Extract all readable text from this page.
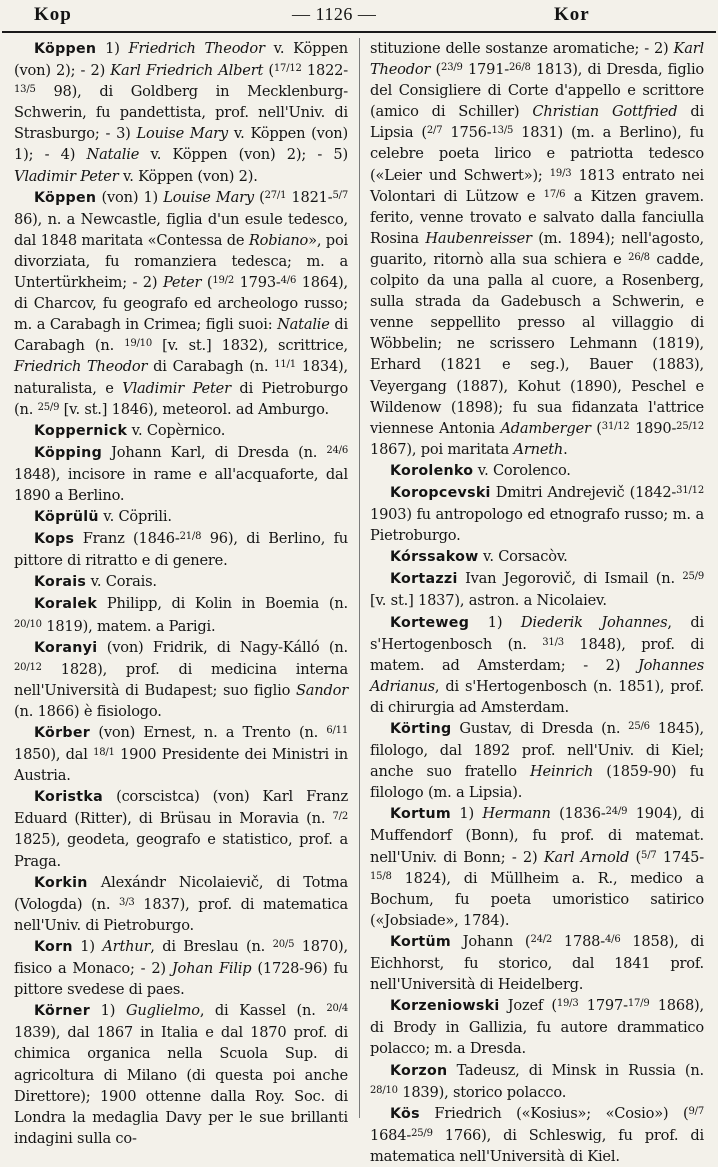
Kop	— 1126 —	Kor

Köppen 1) Friedrich Theodor v. Köppen (von) 2); - 2) Karl Friedrich Albert ($^{17/12}$ 1822-$^{13/5}$ 98), di Goldberg in Mecklenburg-Schwerin, fu pandettista, prof. nell'Univ. di Strasburgo; - 3) Louise Mary v. Köppen (von) 1); - 4) Natalie v. Köppen (von) 2); - 5) Vladimir Peter v. Köppen (von) 2).

Köppen (von) 1) Louise Mary ($^{27/1}$ 1821-$^{5/7}$ 86), n. a Newcastle, figlia d'un esule tedesco, dal 1848 maritata «Contessa de Robiano», poi divorziata, fu romanziera tedesca; m. a Untertürkheim; - 2) Peter ($^{19/2}$ 1793-$^{4/6}$ 1864), di Charcov, fu geografo ed archeologo russo; m. a Carabagh in Crimea; figli suoi: Natalie di Carabagh (n. $^{19/10}$ [v. st.] 1832), scrittrice, Friedrich Theodor di Carabagh (n. $^{11/1}$ 1834), naturalista, e Vladimir Peter di Pietroburgo (n. $^{25/9}$ [v. st.] 1846), meteorol. ad Amburgo.

Koppernick v. Copèrnico.

Köpping Johann Karl, di Dresda (n. $^{24/6}$ 1848), incisore in rame e all'acquaforte, dal 1890 a Berlino.

Köprülü v. Cöprili.

Kops Franz (1846-$^{21/8}$ 96), di Berlino, fu pittore di ritratto e di genere.

Korais v. Corais.

Koralek Philipp, di Kolin in Boemia (n. $^{20/10}$ 1819), matem. a Parigi.

Koranyi (von) Fridrik, di Nagy-Kálló (n. $^{20/12}$ 1828), prof. di medicina interna nell'Università di Budapest; suo figlio Sandor (n. 1866) è fisiologo.

Körber (von) Ernest, n. a Trento (n. $^{6/11}$ 1850), dal $^{18/1}$ 1900 Presidente dei Ministri in Austria.

Koristka (corscistca) (von) Karl Franz Eduard (Ritter), di Brüsau in Moravia (n. $^{7/2}$ 1825), geodeta, geografo e statistico, prof. a Praga.

Korkin Alexándr Nicolaievič, di Totma (Vologda) (n. $^{3/3}$ 1837), prof. di matematica nell'Univ. di Pietroburgo.

Korn 1) Arthur, di Breslau (n. $^{20/5}$ 1870), fisico a Monaco; - 2) Johan Filip (1728-96) fu pittore svedese di paes.

Körner 1) Guglielmo, di Kassel (n. $^{20/4}$ 1839), dal 1867 in Italia e dal 1870 prof. di chimica organica nella Scuola Sup. di agricoltura di Milano (di questa poi anche Direttore); 1900 ottenne dalla Roy. Soc. di Londra la medaglia Davy per le sue brillanti indagini sulla co-

stituzione delle sostanze aromatiche; - 2) Karl Theodor ($^{23/9}$ 1791-$^{26/8}$ 1813), di Dresda, figlio del Consigliere di Corte d'appello e scrittore (amico di Schiller) Christian Gottfried di Lipsia ($^{2/7}$ 1756-$^{13/5}$ 1831) (m. a Berlino), fu celebre poeta lirico e patriotta tedesco («Leier und Schwert»); $^{19/3}$ 1813 entrato nei Volontari di Lützow e $^{17/6}$ a Kitzen gravem. ferito, venne trovato e salvato dalla fanciulla Rosina Haubenreisser (m. 1894); nell'agosto, guarito, ritornò alla sua schiera e $^{26/8}$ cadde, colpito da una palla al cuore, a Rosenberg, sulla strada da Gadebusch a Schwerin, e venne seppellito presso al villaggio di Wöbbelin; ne scrissero Lehmann (1819), Erhard (1821 e seg.), Bauer (1883), Veyergang (1887), Kohut (1890), Peschel e Wildenow (1898); fu sua fidanzata l'attrice viennese Antonia Adamberger ($^{31/12}$ 1890-$^{25/12}$ 1867), poi maritata Arneth.

Korolenko v. Corolenco.

Koropcevski Dmitri Andrejevič (1842-$^{31/12}$ 1903) fu antropologo ed etnografo russo; m. a Pietroburgo.

Kórssakow v. Corsacòv.

Kortazzi Ivan Jegorovič, di Ismail (n. $^{25/9}$ [v. st.] 1837), astron. a Nicolaiev.

Korteweg 1) Diederik Johannes, di s'Hertogenbosch (n. $^{31/3}$ 1848), prof. di matem. ad Amsterdam; - 2) Johannes Adrianus, di s'Hertogenbosch (n. 1851), prof. di chirurgia ad Amsterdam.

Körting Gustav, di Dresda (n. $^{25/6}$ 1845), filologo, dal 1892 prof. nell'Univ. di Kiel; anche suo fratello Heinrich (1859-90) fu filologo (m. a Lipsia).

Kortum 1) Hermann (1836-$^{24/9}$ 1904), di Muffendorf (Bonn), fu prof. di matemat. nell'Univ. di Bonn; - 2) Karl Arnold ($^{5/7}$ 1745-$^{15/8}$ 1824), di Müllheim a. R., medico a Bochum, fu poeta umoristico satirico («Jobsiade», 1784).

Kortüm Johann ($^{24/2}$ 1788-$^{4/6}$ 1858), di Eichhorst, fu storico, dal 1841 prof. nell'Università di Heidelberg.

Korzeniowski Jozef ($^{19/3}$ 1797-$^{17/9}$ 1868), di Brody in Gallizia, fu autore drammatico polacco; m. a Dresda.

Korzon Tadeusz, di Minsk in Russia (n. $^{28/10}$ 1839), storico polacco.

Kös Friedrich («Kosius»; «Cosio») ($^{9/7}$ 1684-$^{25/9}$ 1766), di Schleswig, fu prof. di matematica nell'Università di Kiel.
